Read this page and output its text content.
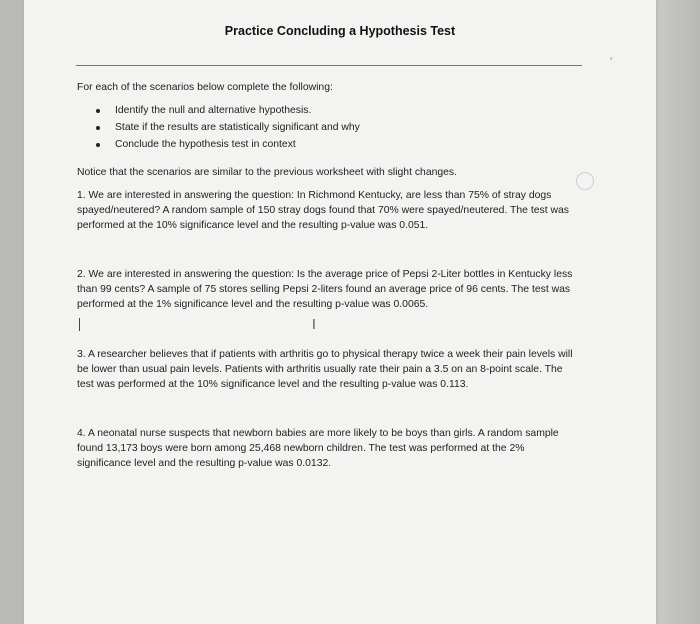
Practice Concluding a Hypothesis Test
ʼ
For each of the scenarios below complete the following:
Identify the null and alternative hypothesis.
State if the results are statistically significant and why
Conclude the hypothesis test in context
Notice that the scenarios are similar to the previous worksheet with slight changes.
1. We are interested in answering the question: In Richmond Kentucky, are less than 75% of stray dogs spayed/neutered? A random sample of 150 stray dogs found that 70% were spayed/neutered. The test was performed at the 10% significance level and the resulting p-value was 0.051.
2. We are interested in answering the question: Is the average price of Pepsi 2-Liter bottles in Kentucky less than 99 cents? A sample of 75 stores selling Pepsi 2-liters found an average price of 96 cents. The test was performed at the 1% significance level and the resulting p-value was 0.0065.
I
3. A researcher believes that if patients with arthritis go to physical therapy twice a week their pain levels will be lower than usual pain levels. Patients with arthritis usually rate their pain a 3.5 on an 8-point scale. The test was performed at the 10% significance level and the resulting p-value was 0.113.
4. A neonatal nurse suspects that newborn babies are more likely to be boys than girls. A random sample found 13,173 boys were born among 25,468 newborn children. The test was performed at the 2% significance level and the resulting p-value was 0.0132.
